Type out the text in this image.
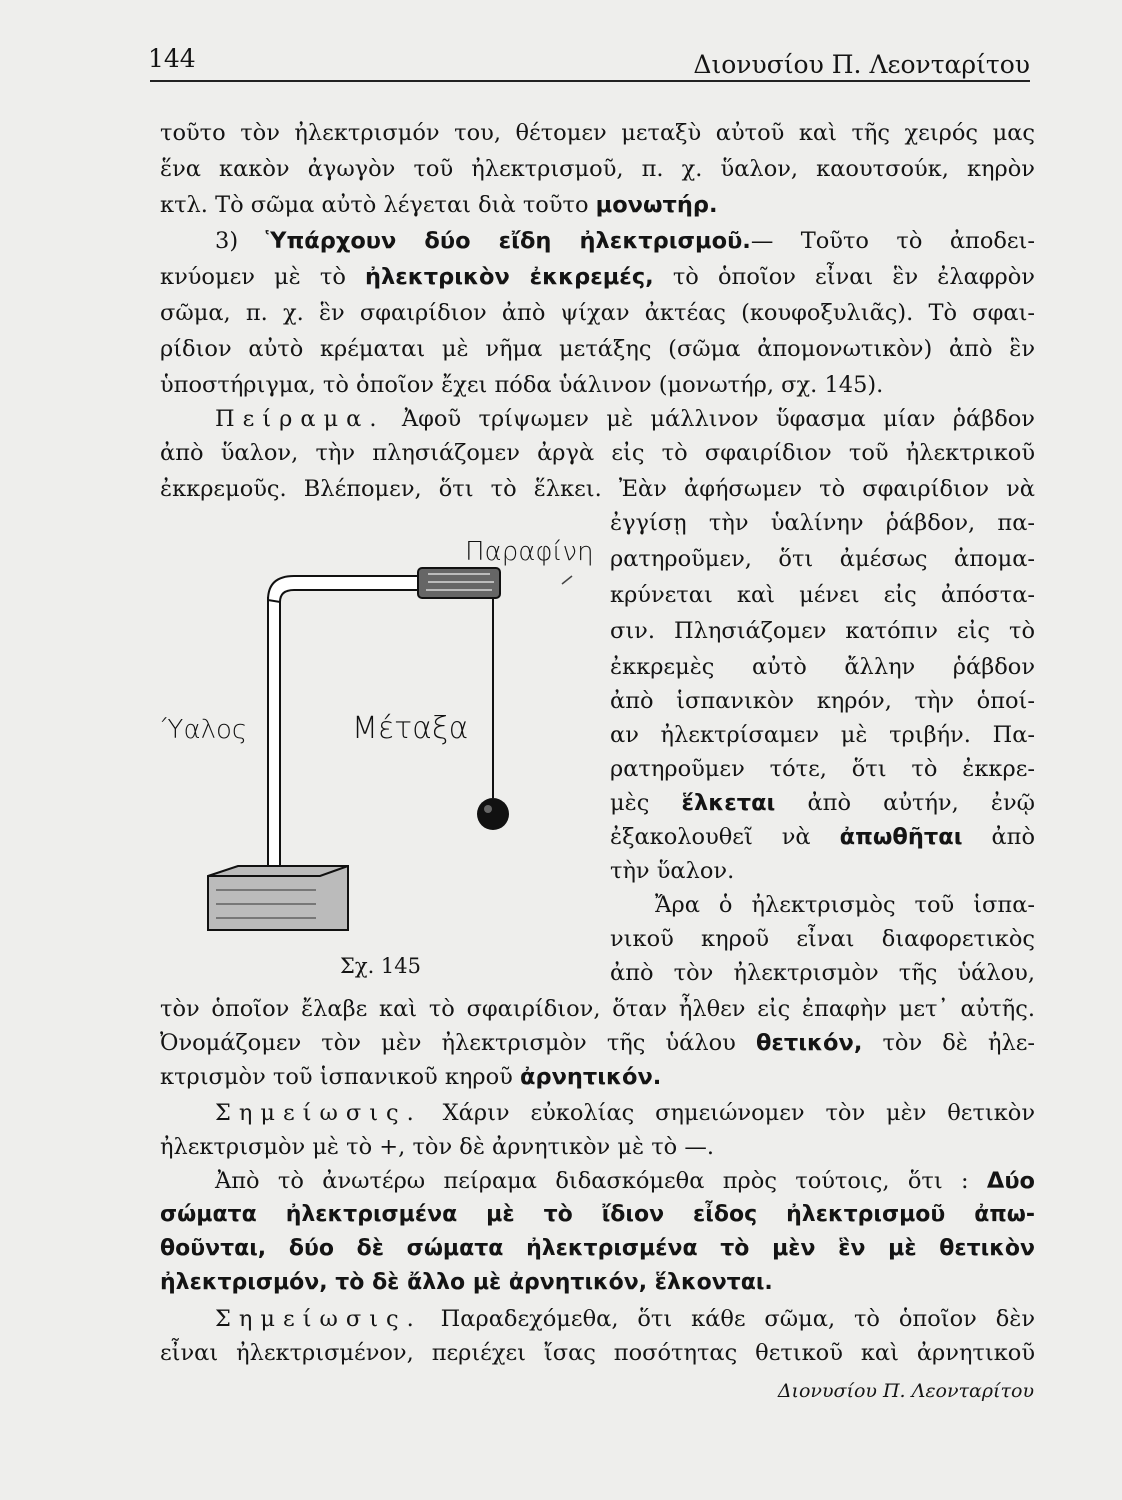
144	Διονυσίου Π. Λεονταρίτου
τοῦτο τὸν ἠλεκτρισμόν του, θέτομεν μεταξὺ αὐτοῦ καὶ τῆς χειρός μας
ἕνα κακὸν ἀγωγὸν τοῦ ἠλεκτρισμοῦ, π. χ. ὕαλον, καουτσούκ, κηρὸν
κτλ. Τὸ σῶμα αὐτὸ λέγεται διὰ τοῦτο μονωτήρ.
3) Ὑπάρχουν δύο εἴδη ἠλεκτρισμοῦ.— Τοῦτο τὸ ἀποδει-
κνύομεν μὲ τὸ ἠλεκτρικὸν ἐκκρεμές, τὸ ὁποῖον εἶναι ἓν ἐλαφρὸν
σῶμα, π. χ. ἓν σφαιρίδιον ἀπὸ ψίχαν ἀκτέας (κουφοξυλιᾶς). Τὸ σφαι-
ρίδιον αὐτὸ κρέμαται μὲ νῆμα μετάξης (σῶμα ἀπομονωτικὸν) ἀπὸ ἓν
ὑποστήριγμα, τὸ ὁποῖον ἔχει πόδα ὑάλινον (μονωτήρ, σχ. 145).
Πείραμα. Ἀφοῦ τρίψωμεν μὲ μάλλινον ὕφασμα μίαν ῥάβδον
ἀπὸ ὕαλον, τὴν πλησιάζομεν ἀργὰ εἰς τὸ σφαιρίδιον τοῦ ἠλεκτρικοῦ
ἐκκρεμοῦς. Βλέπομεν, ὅτι τὸ ἕλκει. Ἐὰν ἀφήσωμεν τὸ σφαιρίδιον νὰ
ἐγγίσῃ τὴν ὑαλίνην ῥάβδον, πα-
ρατηροῦμεν, ὅτι ἀμέσως ἀπομα-
κρύνεται καὶ μένει εἰς ἀπόστα-
σιν. Πλησιάζομεν κατόπιν εἰς τὸ
ἐκκρεμὲς αὐτὸ ἄλλην ῥάβδον
ἀπὸ ἱσπανικὸν κηρόν, τὴν ὁποί-
αν ἠλεκτρίσαμεν μὲ τριβήν. Πα-
ρατηροῦμεν τότε, ὅτι τὸ ἐκκρε-
μὲς ἕλκεται ἀπὸ αὐτήν, ἐνῷ
ἐξακολουθεῖ νὰ ἀπωθῆται ἀπὸ
τὴν ὕαλον.
Ἄρα ὁ ἠλεκτρισμὸς τοῦ ἱσπα-
νικοῦ κηροῦ εἶναι διαφορετικὸς
ἀπὸ τὸν ἠλεκτρισμὸν τῆς ὑάλου,
Παραφίνη
Ύαλος	Μέταξα
Σχ. 145
τὸν ὁποῖον ἔλαβε καὶ τὸ σφαιρίδιον, ὅταν ἦλθεν εἰς ἐπαφὴν μετ᾽ αὐτῆς.
Ὀνομάζομεν τὸν μὲν ἠλεκτρισμὸν τῆς ὑάλου θετικόν, τὸν δὲ ἠλε-
κτρισμὸν τοῦ ἱσπανικοῦ κηροῦ ἀρνητικόν.
Σημείωσις. Χάριν εὐκολίας σημειώνομεν τὸν μὲν θετικὸν
ἠλεκτρισμὸν μὲ τὸ +, τὸν δὲ ἀρνητικὸν μὲ τὸ —.
Ἀπὸ τὸ ἀνωτέρω πείραμα διδασκόμεθα πρὸς τούτοις, ὅτι : Δύο
σώματα ἠλεκτρισμένα μὲ τὸ ἴδιον εἶδος ἠλεκτρισμοῦ ἀπω-
θοῦνται, δύο δὲ σώματα ἠλεκτρισμένα τὸ μὲν ἓν μὲ θετικὸν
ἠλεκτρισμόν, τὸ δὲ ἄλλο μὲ ἀρνητικόν, ἕλκονται.
Σημείωσις. Παραδεχόμεθα, ὅτι κάθε σῶμα, τὸ ὁποῖον δὲν
εἶναι ἠλεκτρισμένον, περιέχει ἴσας ποσότητας θετικοῦ καὶ ἀρνητικοῦ
Διονυσίου Π. Λεονταρίτου
